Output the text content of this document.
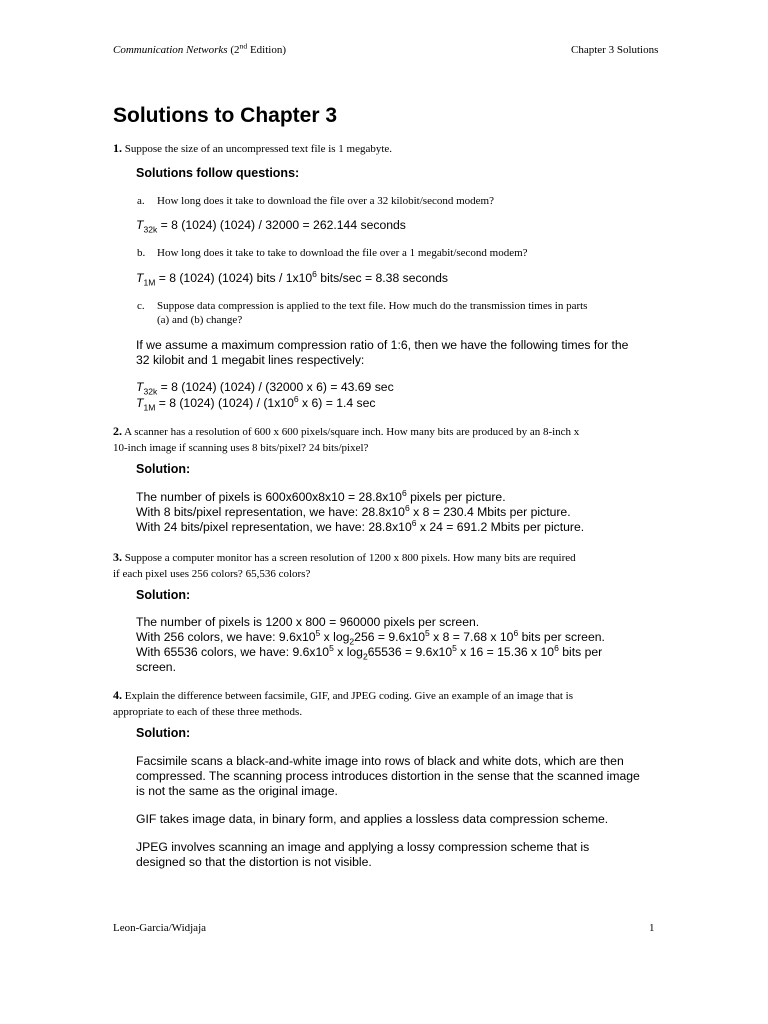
Communication Networks (2nd Edition)	Chapter 3 Solutions
Solutions to Chapter 3
1. Suppose the size of an uncompressed text file is 1 megabyte.
Solutions follow questions:
a. How long does it take to download the file over a 32 kilobit/second modem?
$T_{32k} = 8$ (1024) (1024) / 32000 = 262.144 seconds
b. How long does it take to take to download the file over a 1 megabit/second modem?
$T_{1M} = 8$ (1024) (1024) bits / $1x10^6$ bits/sec = 8.38 seconds
c. Suppose data compression is applied to the text file. How much do the transmission times in parts
(a) and (b) change?
If we assume a maximum compression ratio of 1:6, then we have the following times for the
32 kilobit and 1 megabit lines respectively:
$T_{32k} = 8$ (1024) (1024) / (32000 x 6) = 43.69 sec
$T_{1M} = 8$ (1024) $(1024) / (1x10^6$ x 6) = 1.4 sec
2. A scanner has a resolution of 600 x 600 pixels/square inch. How many bits are produced by an 8-inch x
10-inch image if scanning uses 8 bits/pixel? 24 bits/pixel?
Solution:
The number of pixels is $600x600x8x10 = 28.8x10^6$ pixels per picture.
With 8 bits/pixel representation, we have: $28.8x10^6$ x 8 = 230.4 Mbits per picture.
With 24 bits/pixel representation, we have: $28.8x10^6$ x 24 = 691.2 Mbits per picture.
3. Suppose a computer monitor has a screen resolution of 1200 x 800 pixels. How many bits are required
if each pixel uses 256 colors? 65,536 colors?
Solution:
The number of pixels is 1200 x 800 = 960000 pixels per screen.
With 256 colors, we have: $9.6x10^5$ x $\log_2256 = 9.6x10^5$ x 8 = 7.68 x $10^6$ bits per screen.
With 65536 colors, we have: $9.6x10^5$ x $\log_265536 = 9.6x10^5$ x 16 = 15.36 x $10^6$ bits per
screen.
4. Explain the difference between facsimile, GIF, and JPEG coding. Give an example of an image that is
appropriate to each of these three methods.
Solution:
Facsimile scans a black-and-white image into rows of black and white dots, which are then
compressed. The scanning process introduces distortion in the sense that the scanned image
is not the same as the original image.
GIF takes image data, in binary form, and applies a lossless data compression scheme.
JPEG involves scanning an image and applying a lossy compression scheme that is
designed so that the distortion is not visible.
Leon-Garcia/Widjaja	1
